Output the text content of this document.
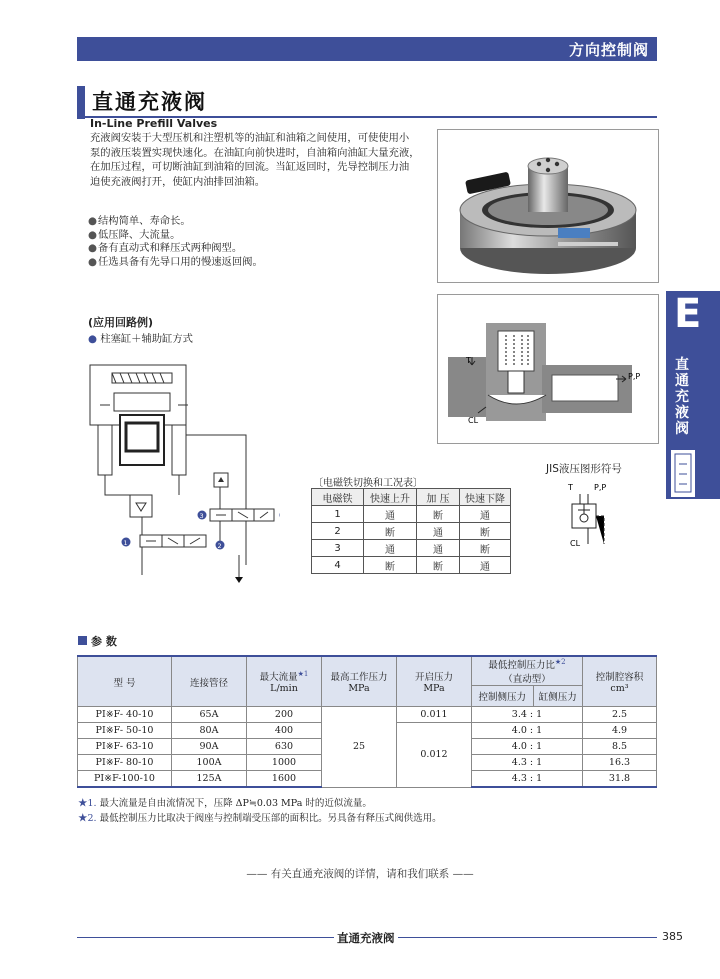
方向控制阀
直通充液阀
In-Line Prefill Valves
充液阀安装于大型压机和注塑机等的油缸和油箱之间使用，可使使用小
泵的液压装置实现快速化。在油缸向前快进时，自油箱向油缸大量充液，
在加压过程，可切断油缸到油箱的回流。当缸返回时，先导控制压力油
迫使充液阀打开，使缸内油排回油箱。
● 结构简单、寿命长。
● 低压降、大流量。
● 备有直动式和释压式两种阀型。
● 任选具备有先导口用的慢速返回阀。
T
P,P
CL
E
直
通
充
液
阀
(应用回路例)
● 柱塞缸＋辅助缸方式
1	2
3
JIS液压图形符号
T	P,P
CL
〔电磁铁切换和工况表〕
电磁铁	快速上升	加 压	快速下降
1	通	断	通
2	断	通	断
3	通	通	断
4	断	断	通
参 数
型 号	连接管径	最大流量$^{★1}$
L/min	最高工作压力
MPa	开启压力
MPa	最低控制压力比$^{★2}$
（直动型）		控制腔容积
cm³
					控制侧压力	缸侧压力	
PI※F- 40-10	65A	200	25	0.011	3.4 : 1		2.5
PI※F- 50-10	80A	400		0.012	4.0 : 1		4.9
PI※F- 63-10	90A	630			4.0 : 1		8.5
PI※F- 80-10	100A	1000			4.3 : 1		16.3
PI※F-100-10	125A	1600			4.3 : 1		31.8
★1. 最大流量是自由流情况下，压降 ΔP≒0.03 MPa 时的近似流量。
★2. 最低控制压力比取决于阀座与控制端受压部的面积比。另具备有释压式阀供选用。
—— 有关直通充液阀的详情，请和我们联系 ——
直通充液阀	385
